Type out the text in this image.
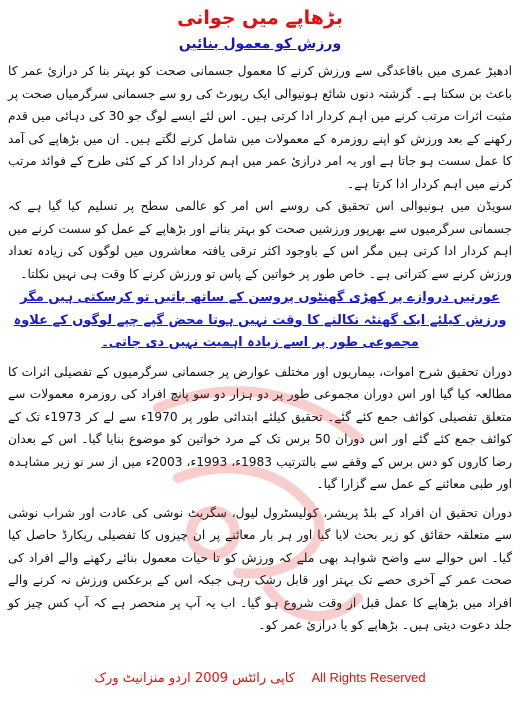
بڑھاپے میں جوانی
ورزش کو معمول بنائیں

ادھیڑ عمری میں باقاعدگی سے ورزش کرنے کا معمول جسمانی صحت کو بہتر بنا کر درازیٔ عمر کا باعث بن سکتا ہے۔ گزشتہ دنوں شائع ہونیوالی ایک رپورٹ کی رو سے جسمانی سرگرمیاں صحت پر مثبت اثرات مرتب کرنے میں اہم کردار ادا کرتی ہیں۔ اس لئے ایسے لوگ جو 30 کی دہائی میں قدم رکھنے کے بعد ورزش کو اپنے روزمرہ کے معمولات میں شامل کرنے لگتے ہیں۔ ان میں بڑھاپے کی آمد کا عمل سست ہو جاتا ہے اور یہ امر درازیٔ عمر میں اہم کردار ادا کر کے کئی طرح کے فوائد مرتب کرنے میں اہم کردار ادا کرتا ہے۔

سویڈن میں ہونیوالی اس تحقیق کی روسے اس امر کو عالمی سطح پر تسلیم کیا گیا ہے کہ جسمانی سرگرمیوں سے بھرپور ورزشیں صحت کو بہتر بنانے اور بڑھاپے کے عمل کو سست کرنے میں اہم کردار ادا کرتی ہیں مگر اس کے باوجود اکثر ترقی یافتہ معاشروں میں لوگوں کی زیادہ تعداد ورزش کرنے سے کتراتی ہے۔ خاص طور پر خواتین کے پاس تو ورزش کرنے کا وقت ہی نہیں نکلتا۔

عورتیں دروازے پر کھڑی گھنٹوں پروسن کے ساتھ باتیں تو کرسکتی ہیں مگر ورزش کیلئے ایک گھنٹہ نکالنے کا وقت نہیں ہوتا محض گپے چپے لوگوں کے علاوہ مجموعی طور پر اسے زیادہ اہمیت نہیں دی جاتی۔

دوران تحقیق شرح اموات، بیماریوں اور مختلف عوارض پر جسمانی سرگرمیوں کے تفصیلی اثرات کا مطالعہ کیا گیا اور اس دوران مجموعی طور پر دو ہزار دو سو پانچ افراد کی روزمرہ معمولات سے متعلق تفصیلی کوائف جمع کئے گئے۔ تحقیق کیلئے ابتدائی طور پر 1970ء سے لے کر 1973ء تک کے کوائف جمع کئے گئے اور اس دوران 50 برس تک کے مرد خواتین کو موضوع بنایا گیا۔ اس کے بعدان رضا کاروں کو دس برس کے وقفے سے بالترتیب 1983ء، 1993ء، 2003ء میں از سر نو زیر مشاہدہ اور طبی معائنے کے عمل سے گزارا گیا۔

دوران تحقیق ان افراد کے بلڈ پریشر، کولیسٹرول لیول، سگریٹ نوشی کی عادت اور شراب نوشی سے متعلقہ حقائق کو زیر بحث لایا گیا اور ہر بار معائنے پر ان چیزوں کا تفصیلی ریکارڈ حاصل کیا گیا۔ اس حوالے سے واضح شواہد بھی ملے کہ ورزش کو تا حیات معمول بنائے رکھنے والے افراد کی صحت عمر کے آخری حصے تک بہتر اور قابل رشک رہی جبکہ اس کے برعکس ورزش نہ کرنے والے افراد میں بڑھاپے کا عمل قبل از وقت شروع ہو گیا۔ اب یہ آپ پر منحصر ہے کہ آپ کس چیز کو جلد دعوت دیتی ہیں۔ بڑھاپے کو یا درازیٔ عمر کو۔

کاپی رائٹس 2009 اردو منزانیٹ ورک All Rights Reserved
